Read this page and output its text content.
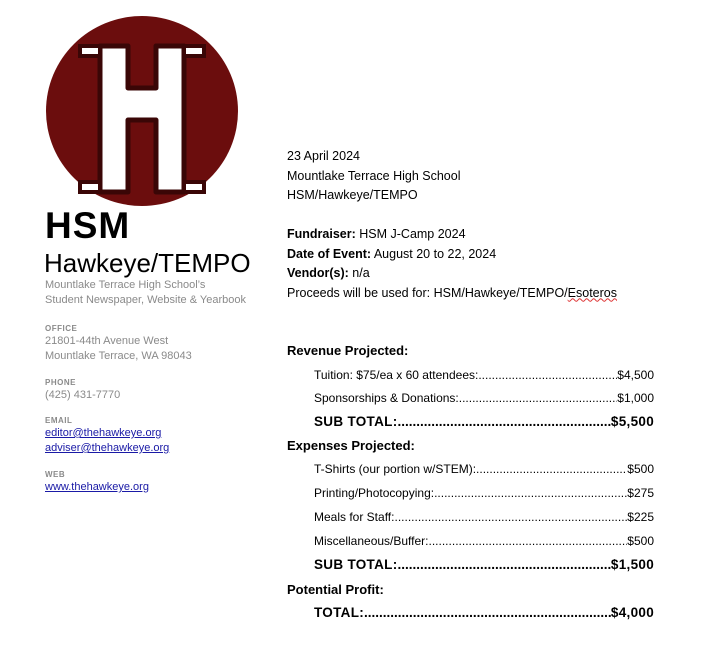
HSM
Hawkeye/TEMPO
Mountlake Terrace High School’s
Student Newspaper, Website & Yearbook
OFFICE
21801-44th Avenue West
Mountlake Terrace, WA 98043
PHONE
(425) 431-7770
EMAIL
editor@thehawkeye.org
adviser@thehawkeye.org
WEB
www.thehawkeye.org
23 April 2024
Mountlake Terrace High School
HSM/Hawkeye/TEMPO
Fundraiser: HSM J-Camp 2024
Date of Event: August 20 to 22, 2024
Vendor(s): n/a
Proceeds will be used for: HSM/Hawkeye/TEMPO/Esoteros
Revenue Projected:
Tuition: $75/ea x 60 attendees: .....	$4,500
Sponsorships & Donations: .....	$1,000
SUB TOTAL: .....	$5,500
Expenses Projected:
T-Shirts (our portion w/STEM): .....	$500
Printing/Photocopying: .....	$275
Meals for Staff: .....	$225
Miscellaneous/Buffer: .....	$500
SUB TOTAL: .....	$1,500
Potential Profit:
TOTAL: .....	$4,000
